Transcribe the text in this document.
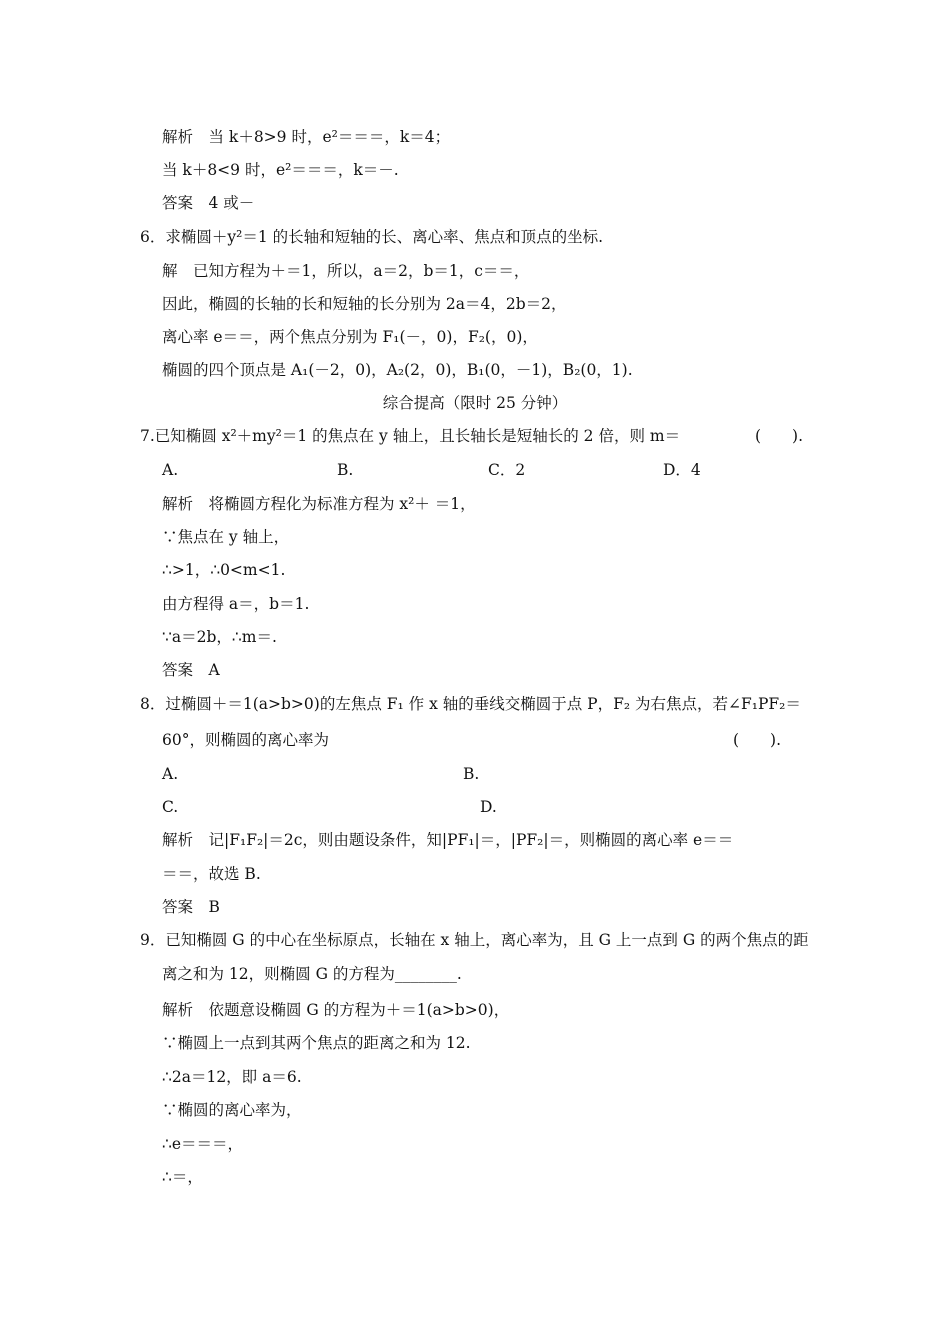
解析　当 k＋8>9 时，e²＝＝＝，k＝4；
当 k＋8<9 时，e²＝＝＝，k＝－.
答案　4 或－
6．求椭圆＋y²＝1 的长轴和短轴的长、离心率、焦点和顶点的坐标.
解　已知方程为＋＝1，所以，a＝2，b＝1，c＝＝，
因此，椭圆的长轴的长和短轴的长分别为 2a＝4，2b＝2，
离心率 e＝＝，两个焦点分别为 F₁(－，0)，F₂(，0)，
椭圆的四个顶点是 A₁(－2，0)，A₂(2，0)，B₁(0，－1)，B₂(0，1).
综合提高（限时 25 分钟）
7.已知椭圆 x²＋my²＝1 的焦点在 y 轴上，且长轴长是短轴长的 2 倍，则 m＝	(　　).
A.	B.	C．2	D．4
解析　将椭圆方程化为标准方程为 x²＋ ＝1，
∵焦点在 y 轴上，
∴>1，∴0<m<1.
由方程得 a＝，b＝1.
∵a＝2b，∴m＝.
答案　A
8．过椭圆＋＝1(a>b>0)的左焦点 F₁ 作 x 轴的垂线交椭圆于点 P，F₂ 为右焦点，若∠F₁PF₂＝
60°，则椭圆的离心率为	(　　).
A.	B.
C.	D.
解析　记|F₁F₂|＝2c，则由题设条件，知|PF₁|＝，|PF₂|＝，则椭圆的离心率 e＝＝
＝＝，故选 B.
答案　B
9．已知椭圆 G 的中心在坐标原点，长轴在 x 轴上，离心率为，且 G 上一点到 G 的两个焦点的距
离之和为 12，则椭圆 G 的方程为________.
解析　依题意设椭圆 G 的方程为＋＝1(a>b>0)，
∵椭圆上一点到其两个焦点的距离之和为 12.
∴2a＝12，即 a＝6.
∵椭圆的离心率为，
∴e＝＝＝，
∴＝，
